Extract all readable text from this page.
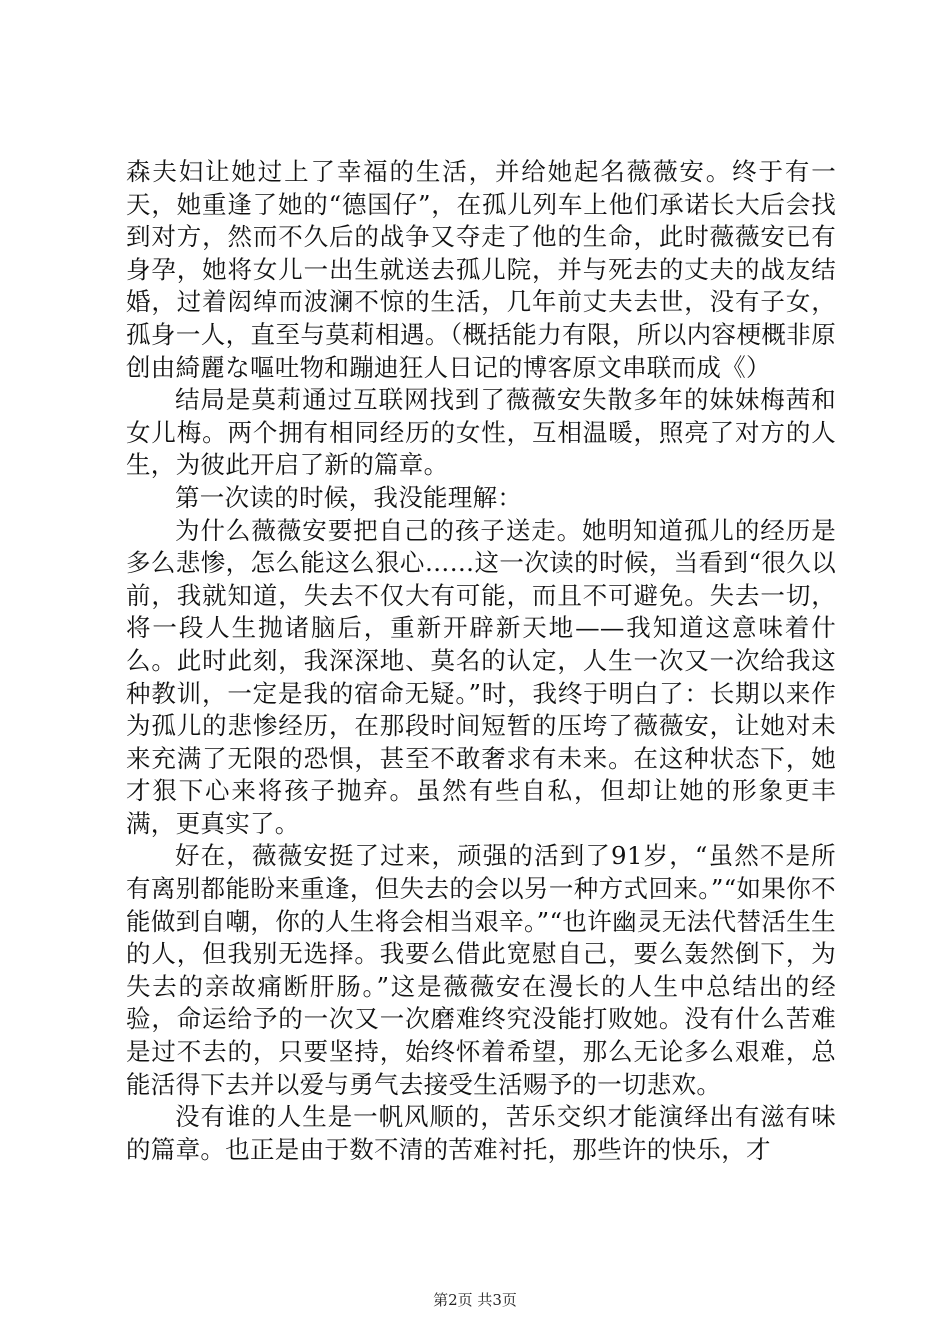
森夫妇让她过上了幸福的生活，并给她起名薇薇安。终于有一天，她重逢了她的“德国仔”，在孤儿列车上他们承诺长大后会找到对方，然而不久后的战争又夺走了他的生命，此时薇薇安已有身孕，她将女儿一出生就送去孤儿院，并与死去的丈夫的战友结婚，过着闳绰而波澜不惊的生活，几年前丈夫去世，没有子女，孤身一人，直至与莫莉相遇。（概括能力有限，所以内容梗概非原创由綺麗な嘔吐物和蹦迪狂人日记的博客原文串联而成《）

结局是莫莉通过互联网找到了薇薇安失散多年的妹妹梅茜和女儿梅。两个拥有相同经历的女性，互相温暖，照亮了对方的人生，为彼此开启了新的篇章。

第一次读的时候，我没能理解：

为什么薇薇安要把自己的孩子送走。她明知道孤儿的经历是多么悲惨，怎么能这么狠心……这一次读的时候，当看到“很久以前，我就知道，失去不仅大有可能，而且不可避免。失去一切，将一段人生抛诸脑后，重新开辟新天地——我知道这意味着什么。此时此刻，我深深地、莫名的认定，人生一次又一次给我这种教训，一定是我的宿命无疑。”时，我终于明白了：长期以来作为孤儿的悲惨经历，在那段时间短暂的压垮了薇薇安，让她对未来充满了无限的恐惧，甚至不敢奢求有未来。在这种状态下，她才狠下心来将孩子抛弃。虽然有些自私，但却让她的形象更丰满，更真实了。

好在，薇薇安挺了过来，顽强的活到了91岁，“虽然不是所有离别都能盼来重逢，但失去的会以另一种方式回来。”“如果你不能做到自嘲，你的人生将会相当艰辛。”“也许幽灵无法代替活生生的人，但我别无选择。我要么借此宽慰自己，要么轰然倒下，为失去的亲故痛断肝肠。”这是薇薇安在漫长的人生中总结出的经验，命运给予的一次又一次磨难终究没能打败她。没有什么苦难是过不去的，只要坚持，始终怀着希望，那么无论多么艰难，总能活得下去并以爱与勇气去接受生活赐予的一切悲欢。

没有谁的人生是一帆风顺的，苦乐交织才能演绎出有滋有味的篇章。也正是由于数不清的苦难衬托，那些许的快乐，才

第2页 共3页
